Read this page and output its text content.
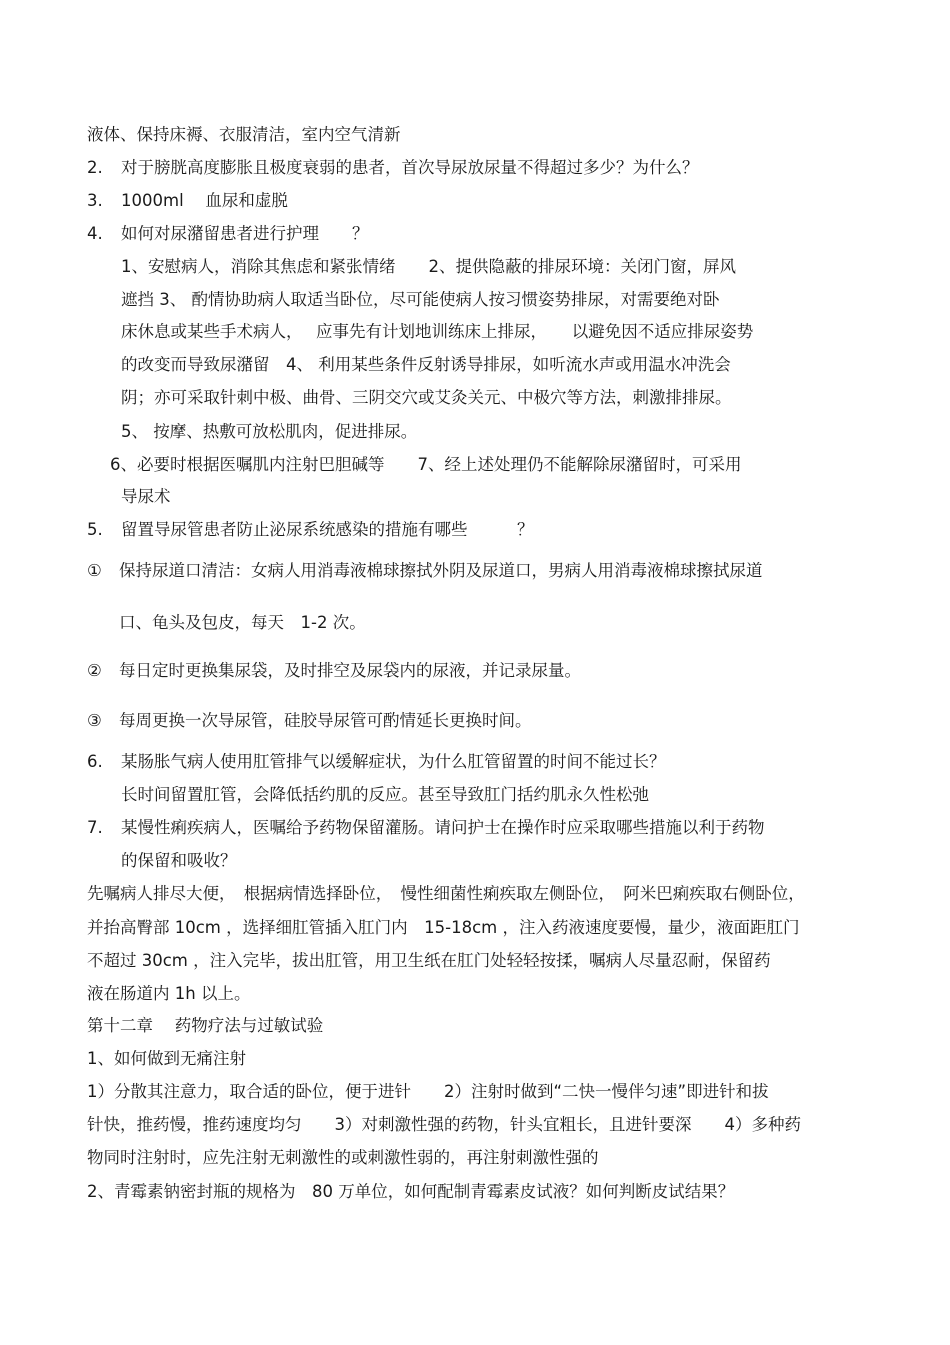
液体、保持床褥、衣服清洁，室内空气清新
2. 对于膀胱高度膨胀且极度衰弱的患者，首次导尿放尿量不得超过多少？为什么？
3. 1000ml　 血尿和虚脱
4. 如何对尿潴留患者进行护理　　？
1、安慰病人，消除其焦虑和紧张情绪　　2、提供隐蔽的排尿环境：关闭门窗，屏风
遮挡 3、 酌情协助病人取适当卧位，尽可能使病人按习惯姿势排尿，对需要绝对卧
床休息或某些手术病人，　 应事先有计划地训练床上排尿，　　以避免因不适应排尿姿势
的改变而导致尿潴留　4、 利用某些条件反射诱导排尿，如听流水声或用温水冲洗会
阴；亦可采取针刺中极、曲骨、三阴交穴或艾灸关元、中极穴等方法，刺激排排尿。
5、 按摩、热敷可放松肌肉，促进排尿。
6、必要时根据医嘱肌内注射巴胆碱等　　7、经上述处理仍不能解除尿潴留时，可采用
导尿术
5. 留置导尿管患者防止泌尿系统感染的措施有哪些　　　？
① 保持尿道口清洁：女病人用消毒液棉球擦拭外阴及尿道口，男病人用消毒液棉球擦拭尿道
口、龟头及包皮，每天　1-2 次。
② 每日定时更换集尿袋，及时排空及尿袋内的尿液，并记录尿量。
③ 每周更换一次导尿管，硅胶导尿管可酌情延长更换时间。
6. 某肠胀气病人使用肛管排气以缓解症状，为什么肛管留置的时间不能过长？
长时间留置肛管，会降低括约肌的反应。甚至导致肛门括约肌永久性松弛
7. 某慢性痢疾病人，医嘱给予药物保留灌肠。请问护士在操作时应采取哪些措施以利于药物
的保留和吸收？
先嘱病人排尽大便，　根据病情选择卧位，　慢性细菌性痢疾取左侧卧位，　阿米巴痢疾取右侧卧位，
并抬高臀部 10cm ，选择细肛管插入肛门内　15-18cm ，注入药液速度要慢，量少，液面距肛门
不超过 30cm ，注入完毕，拔出肛管，用卫生纸在肛门处轻轻按揉，嘱病人尽量忍耐，保留药
液在肠道内 1h 以上。
第十二章　 药物疗法与过敏试验
1、如何做到无痛注射
1）分散其注意力，取合适的卧位，便于进针　　2）注射时做到“二快一慢伴匀速”即进针和拔
针快，推药慢，推药速度均匀　　3）对刺激性强的药物，针头宜粗长，且进针要深　　4）多种药
物同时注射时，应先注射无刺激性的或刺激性弱的，再注射刺激性强的
2、青霉素钠密封瓶的规格为　80 万单位，如何配制青霉素皮试液？如何判断皮试结果？
